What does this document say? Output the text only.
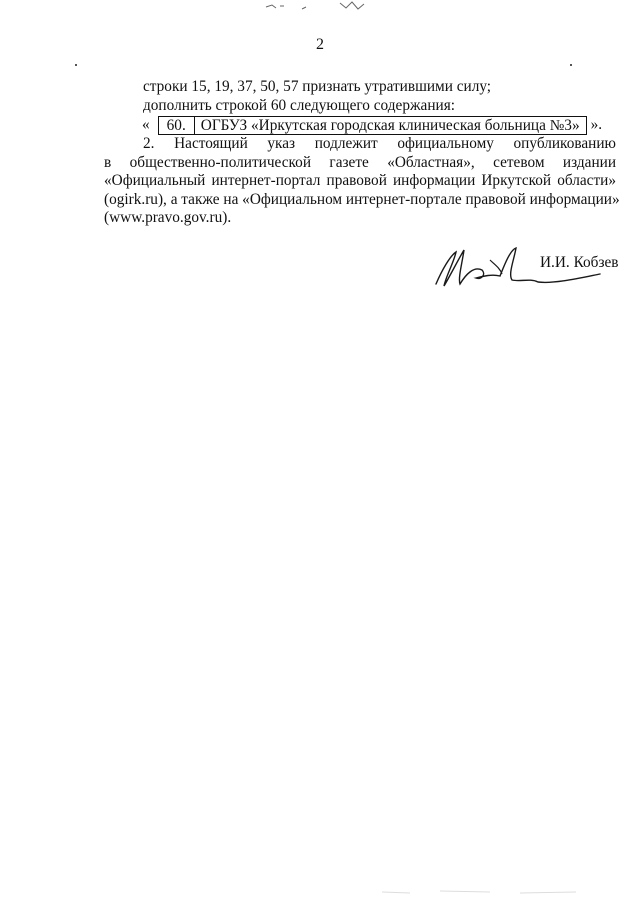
2
строки 15, 19, 37, 50, 57 признать утратившими силу;
дополнить строкой 60 следующего содержания:
« 60.	ОГБУЗ «Иркутская городская клиническая больница №3» ».
2. Настоящий указ подлежит официальному опубликованию
в общественно-политической газете «Областная», сетевом издании
«Официальный интернет-портал правовой информации Иркутской области»
(ogirk.ru), а также на «Официальном интернет-портале правовой информации»
(www.pravo.gov.ru).
И.И. Кобзев
